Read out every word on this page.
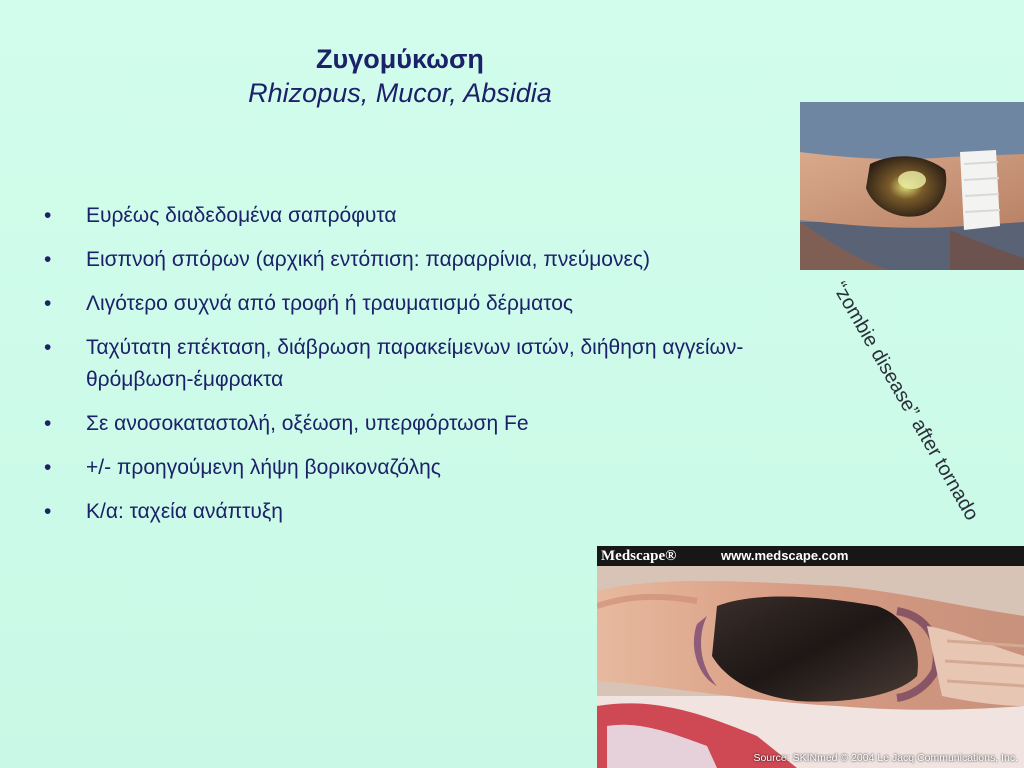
Ζυγομύκωση
Rhizopus, Mucor, Absidia
• Ευρέως διαδεδομένα σαπρόφυτα
• Εισπνοή σπόρων (αρχική εντόπιση: παραρρίνια, πνεύμονες)
• Λιγότερο συχνά από τροφή ή τραυματισμό δέρματος
• Ταχύτατη επέκταση, διάβρωση παρακείμενων ιστών, διήθηση αγγείων- θρόμβωση-έμφρακτα
• Σε ανοσοκαταστολή, οξέωση, υπερφόρτωση Fe
• +/- προηγούμενη λήψη βορικοναζόλης
• Κ/α: ταχεία ανάπτυξη	“zombie disease” after tornado
Medscape®	www.medscape.com
Source: SKINmed © 2004 Le Jacq Communications, Inc.
